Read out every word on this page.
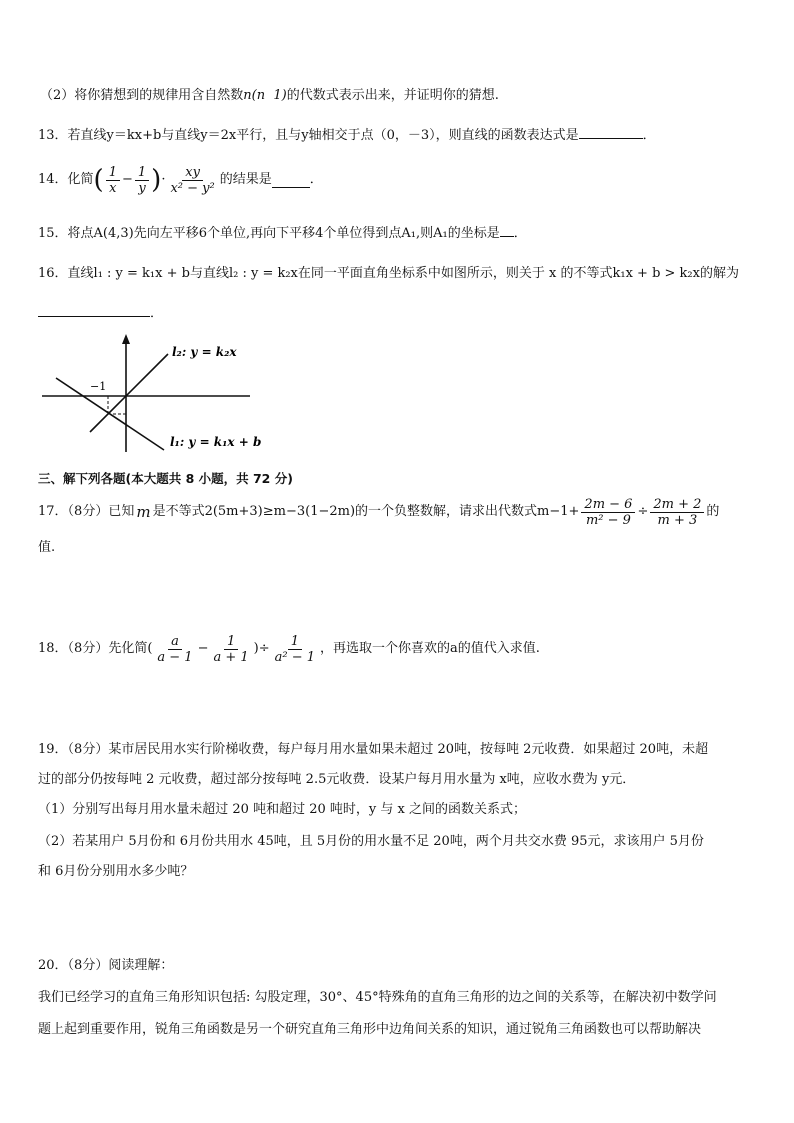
（2）将你猜想到的规律用含自然数n(n 1)的代数式表示出来，并证明你的猜想.
13．若直线y＝kx+b与直线y＝2x平行，且与y轴相交于点（0，－3），则直线的函数表达式是	．
14．化简 ( $\frac{1}{x} - \frac{1}{y}$ ) · $\frac{xy}{\text{x² − y²}}$ 的结果是	．
15．将点A(4,3)先向左平移6个单位,再向下平移4个单位得到点A₁,则A₁的坐标是 ．
16．直线l₁ : y = k₁x + b与直线l₂ : y = k₂x在同一平面直角坐标系中如图所示，则关于 x 的不等式k₁x + b > k₂x的解为
．
−1
l₂: y = k₂x
l₁: y = k₁x + b
三、解下列各题(本大题共 8 小题，共 72 分)
17．（8分）已知 m 是不等式2(5m+3)≥m−3(1−2m)的一个负整数解，请求出代数式$m-1+ \frac{2m - 6}{\text{m² − 9}} \div \frac{2m + 2}{m + 3}$ 的
值.
18．（8分）先化简( $\frac{a}{a - 1} - \frac{1}{a + 1}$ )÷ $\frac{1}{\text{a² − 1}}$ ，再选取一个你喜欢的a的值代入求值.
19．（8分）某市居民用水实行阶梯收费，每户每月用水量如果未超过 20吨，按每吨 2元收费．如果超过 20吨，未超
过的部分仍按每吨 2 元收费，超过部分按每吨 2.5元收费．设某户每月用水量为 x吨，应收水费为 y元．
（1）分别写出每月用水量未超过 20 吨和超过 20 吨时，y 与 x 之间的函数关系式；
（2）若某用户 5月份和 6月份共用水 45吨，且 5月份的用水量不足 20吨，两个月共交水费 95元，求该用户 5月份
和 6月份分别用水多少吨？
20．（8分）阅读理解：
我们已经学习的直角三角形知识包括: 勾股定理，30°、45°特殊角的直角三角形的边之间的关系等，在解决初中数学问
题上起到重要作用，锐角三角函数是另一个研究直角三角形中边角间关系的知识，通过锐角三角函数也可以帮助解决
